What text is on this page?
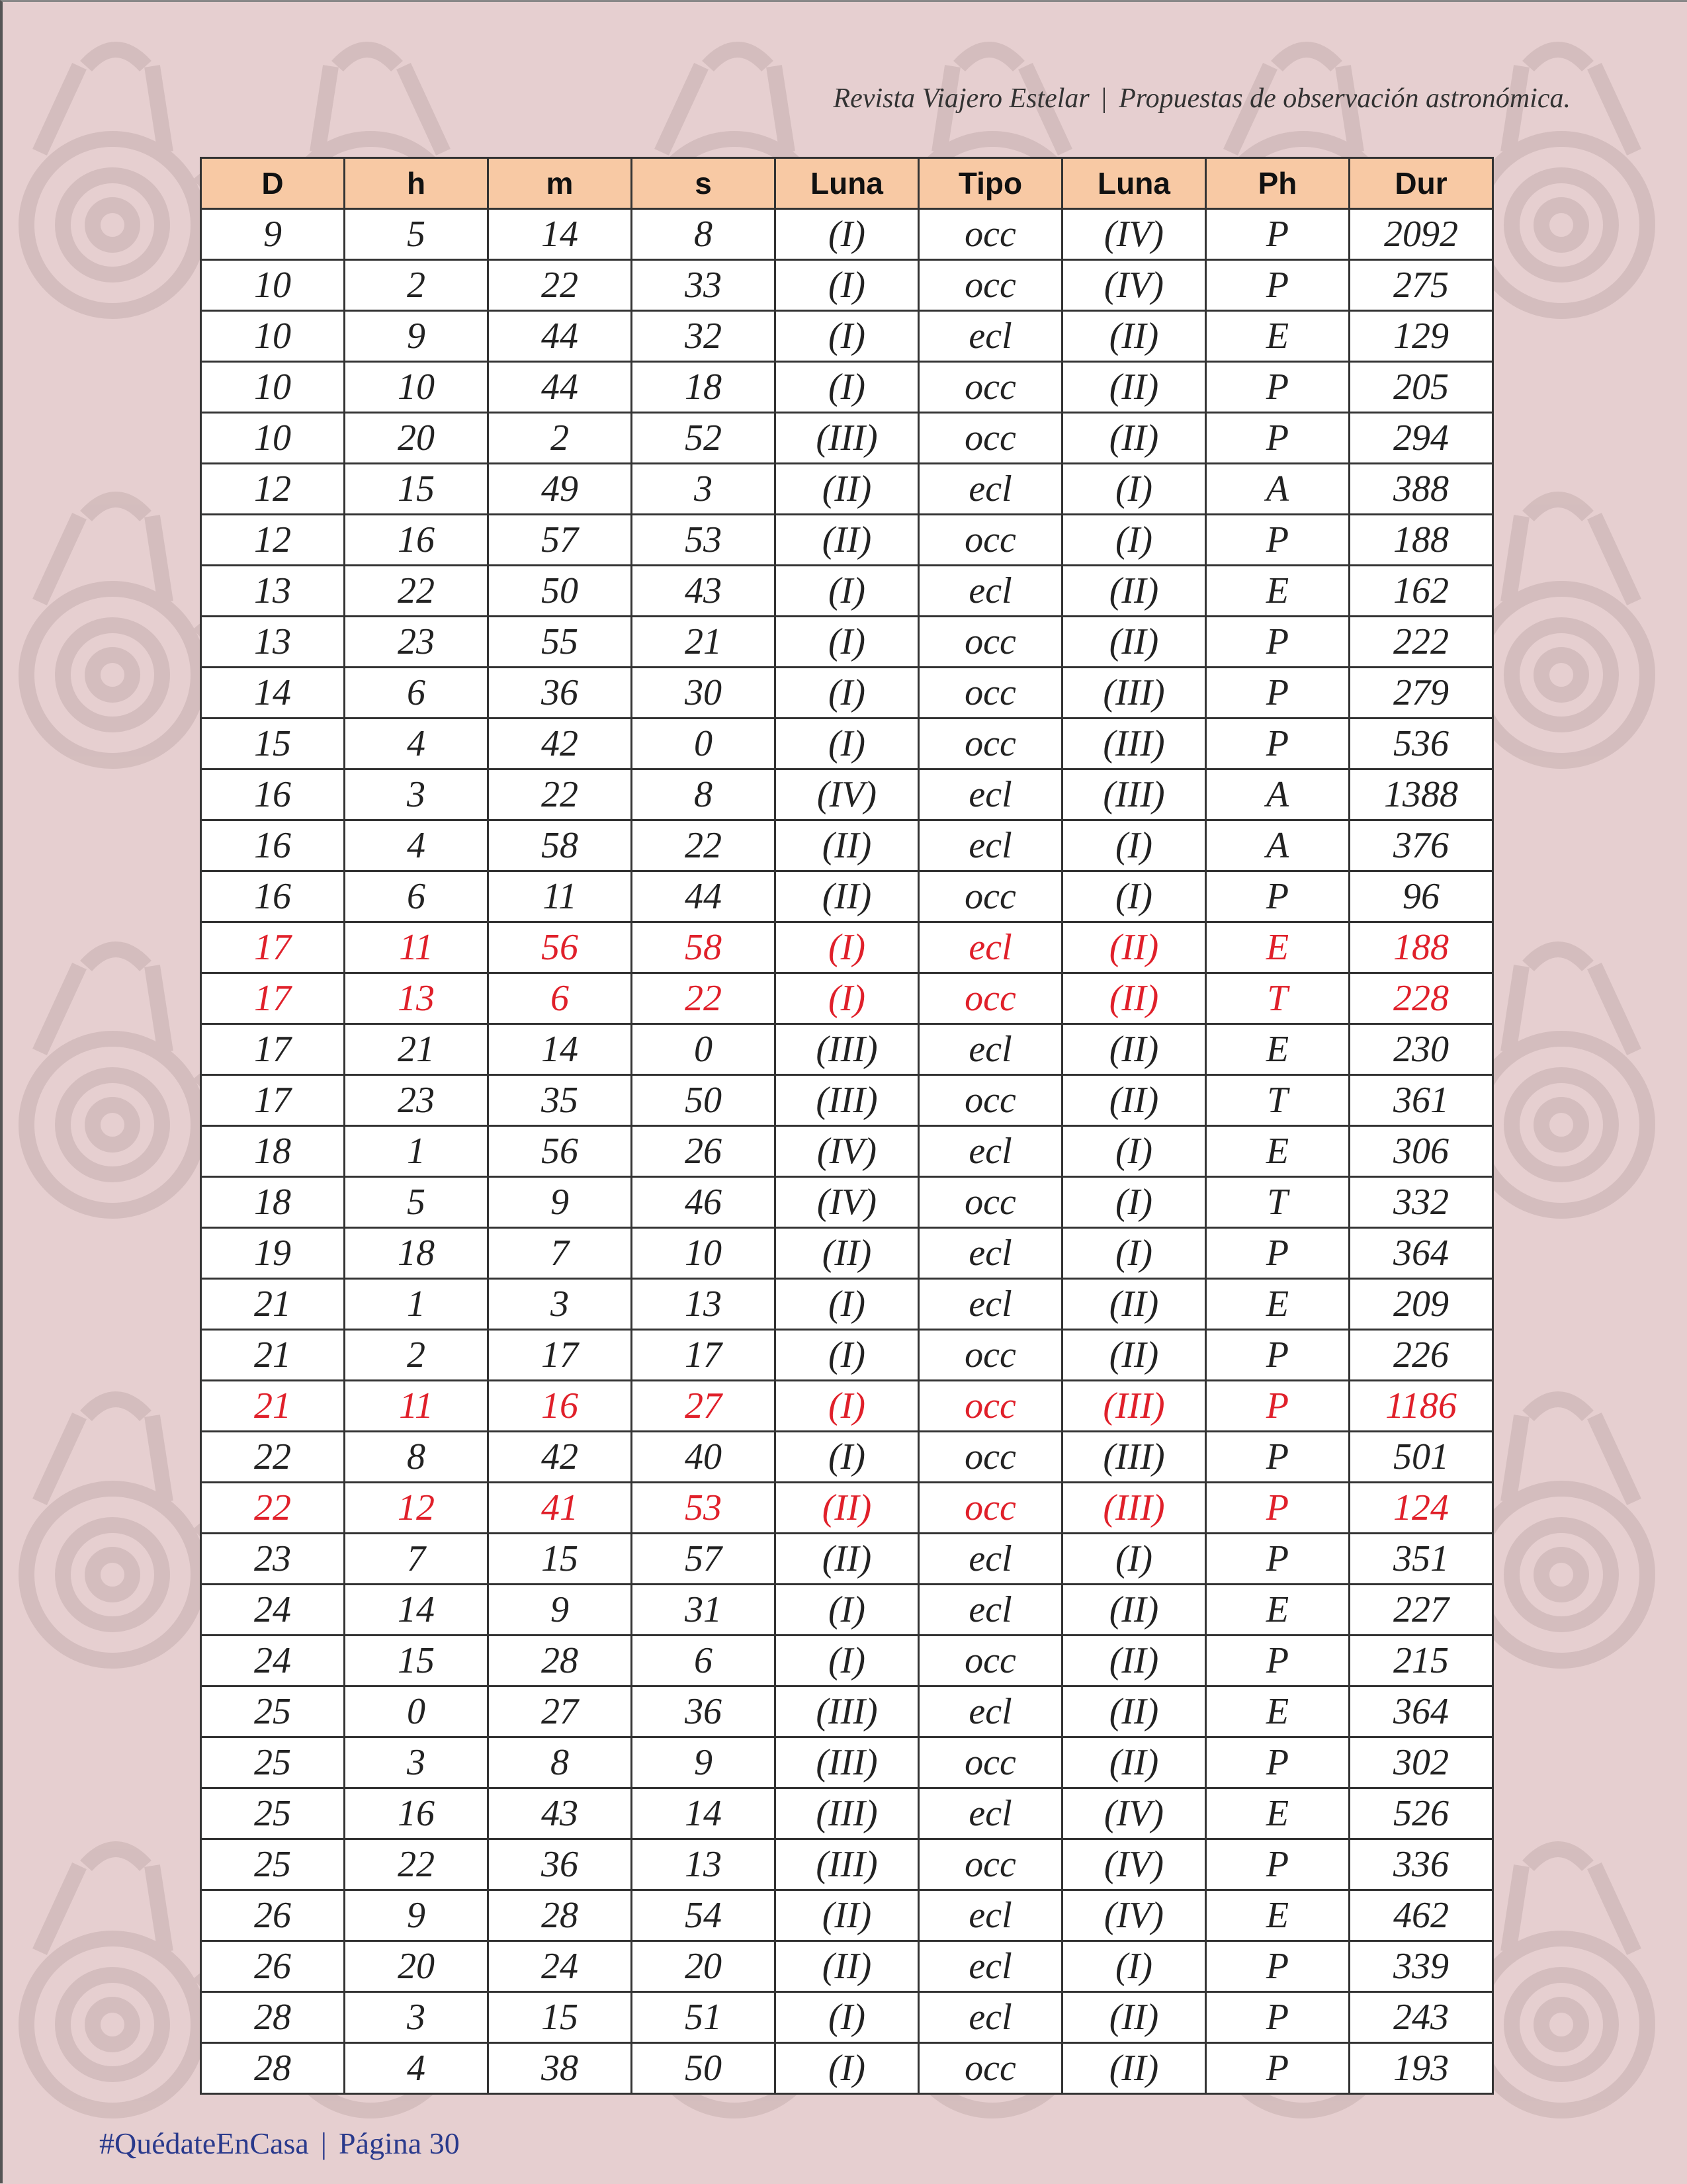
Revista Viajero Estelar | Propuestas de observación astronómica.
D	h	m	s	Luna	Tipo	Luna	Ph	Dur
9	5	14	8	(I)	occ	(IV)	P	2092
10	2	22	33	(I)	occ	(IV)	P	275
10	9	44	32	(I)	ecl	(II)	E	129
10	10	44	18	(I)	occ	(II)	P	205
10	20	2	52	(III)	occ	(II)	P	294
12	15	49	3	(II)	ecl	(I)	A	388
12	16	57	53	(II)	occ	(I)	P	188
13	22	50	43	(I)	ecl	(II)	E	162
13	23	55	21	(I)	occ	(II)	P	222
14	6	36	30	(I)	occ	(III)	P	279
15	4	42	0	(I)	occ	(III)	P	536
16	3	22	8	(IV)	ecl	(III)	A	1388
16	4	58	22	(II)	ecl	(I)	A	376
16	6	11	44	(II)	occ	(I)	P	96
17	11	56	58	(I)	ecl	(II)	E	188
17	13	6	22	(I)	occ	(II)	T	228
17	21	14	0	(III)	ecl	(II)	E	230
17	23	35	50	(III)	occ	(II)	T	361
18	1	56	26	(IV)	ecl	(I)	E	306
18	5	9	46	(IV)	occ	(I)	T	332
19	18	7	10	(II)	ecl	(I)	P	364
21	1	3	13	(I)	ecl	(II)	E	209
21	2	17	17	(I)	occ	(II)	P	226
21	11	16	27	(I)	occ	(III)	P	1186
22	8	42	40	(I)	occ	(III)	P	501
22	12	41	53	(II)	occ	(III)	P	124
23	7	15	57	(II)	ecl	(I)	P	351
24	14	9	31	(I)	ecl	(II)	E	227
24	15	28	6	(I)	occ	(II)	P	215
25	0	27	36	(III)	ecl	(II)	E	364
25	3	8	9	(III)	occ	(II)	P	302
25	16	43	14	(III)	ecl	(IV)	E	526
25	22	36	13	(III)	occ	(IV)	P	336
26	9	28	54	(II)	ecl	(IV)	E	462
26	20	24	20	(II)	ecl	(I)	P	339
28	3	15	51	(I)	ecl	(II)	P	243
28	4	38	50	(I)	occ	(II)	P	193
#QuédateEnCasa | Página 30
